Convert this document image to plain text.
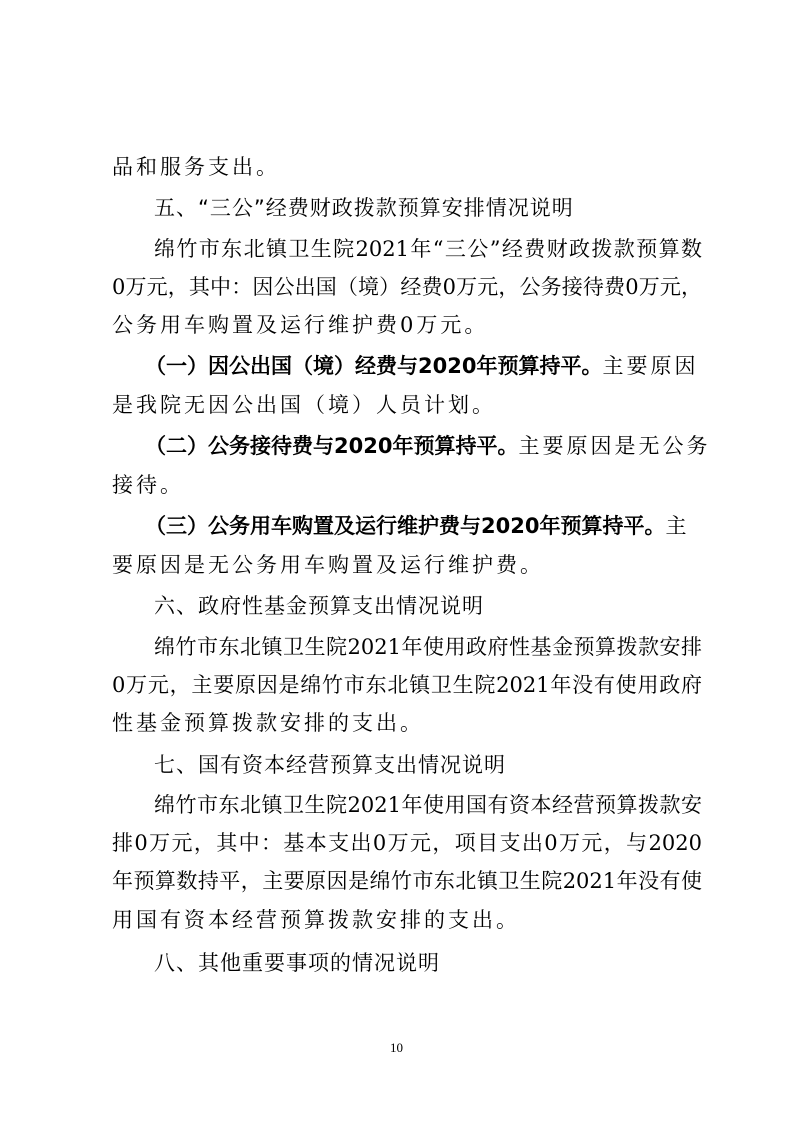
品和服务支出。
五、“三公”经费财政拨款预算安排情况说明
绵竹市东北镇卫生院2021年“三公”经费财政拨款预算数
0万元，其中：因公出国（境）经费0万元，公务接待费0万元，
公务用车购置及运行维护费0万元。
（一）因公出国（境）经费与2020年预算持平。主要原因
是我院无因公出国（境）人员计划。
（二）公务接待费与2020年预算持平。主要原因是无公务
接待。
（三）公务用车购置及运行维护费与2020年预算持平。主
要原因是无公务用车购置及运行维护费。
六、政府性基金预算支出情况说明
绵竹市东北镇卫生院2021年使用政府性基金预算拨款安排
0万元，主要原因是绵竹市东北镇卫生院2021年没有使用政府
性基金预算拨款安排的支出。
七、国有资本经营预算支出情况说明
绵竹市东北镇卫生院2021年使用国有资本经营预算拨款安
排0万元，其中：基本支出0万元，项目支出0万元，与2020
年预算数持平，主要原因是绵竹市东北镇卫生院2021年没有使
用国有资本经营预算拨款安排的支出。
八、其他重要事项的情况说明
10
